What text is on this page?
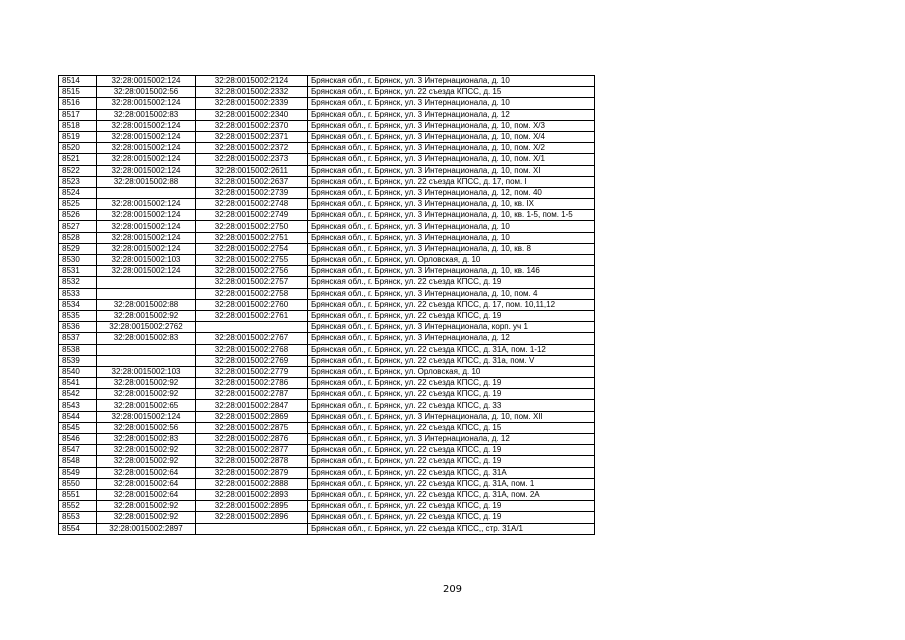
8514	32:28:0015002:124	32:28:0015002:2124	Брянская обл., г. Брянск, ул. 3 Интернационала, д. 10
8515	32:28:0015002:56	32:28:0015002:2332	Брянская обл., г. Брянск, ул. 22 съезда КПСС, д. 15
8516	32:28:0015002:124	32:28:0015002:2339	Брянская обл., г. Брянск, ул. 3 Интернационала, д. 10
8517	32:28:0015002:83	32:28:0015002:2340	Брянская обл., г. Брянск, ул. 3 Интернационала, д. 12
8518	32:28:0015002:124	32:28:0015002:2370	Брянская обл., г. Брянск, ул. 3 Интернационала, д. 10, пом. Х/3
8519	32:28:0015002:124	32:28:0015002:2371	Брянская обл., г. Брянск, ул. 3 Интернационала, д. 10, пом. Х/4
8520	32:28:0015002:124	32:28:0015002:2372	Брянская обл., г. Брянск, ул. 3 Интернационала, д. 10, пом. Х/2
8521	32:28:0015002:124	32:28:0015002:2373	Брянская обл., г. Брянск, ул. 3 Интернационала, д. 10, пом. Х/1
8522	32:28:0015002:124	32:28:0015002:2611	Брянская обл., г. Брянск, ул. 3 Интернационала, д. 10, пом. XI
8523	32:28:0015002:88	32:28:0015002:2637	Брянская обл., г. Брянск, ул. 22 съезда КПСС, д. 17, пом. I
8524		32:28:0015002:2739	Брянская обл., г. Брянск, ул. 3 Интернационала, д. 12, пом. 40
8525	32:28:0015002:124	32:28:0015002:2748	Брянская обл., г. Брянск, ул. 3 Интернационала, д. 10, кв. IX
8526	32:28:0015002:124	32:28:0015002:2749	Брянская обл., г. Брянск, ул. 3 Интернационала, д. 10, кв. 1-5, пом. 1-5
8527	32:28:0015002:124	32:28:0015002:2750	Брянская обл., г. Брянск, ул. 3 Интернационала, д. 10
8528	32:28:0015002:124	32:28:0015002:2751	Брянская обл., г. Брянск, ул. 3 Интернационала, д. 10
8529	32:28:0015002:124	32:28:0015002:2754	Брянская обл., г. Брянск, ул. 3 Интернационала, д. 10, кв. 8
8530	32:28:0015002:103	32:28:0015002:2755	Брянская обл., г. Брянск, ул. Орловская, д. 10
8531	32:28:0015002:124	32:28:0015002:2756	Брянская обл., г. Брянск, ул. 3 Интернационала, д. 10, кв. 146
8532		32:28:0015002:2757	Брянская обл., г. Брянск, ул. 22 съезда КПСС, д. 19
8533		32:28:0015002:2758	Брянская обл., г. Брянск, ул. 3 Интернационала, д. 10, пом. 4
8534	32:28:0015002:88	32:28:0015002:2760	Брянская обл., г. Брянск, ул. 22 съезда КПСС, д. 17, пом. 10,11,12
8535	32:28:0015002:92	32:28:0015002:2761	Брянская обл., г. Брянск, ул. 22 съезда КПСС, д. 19
8536	32:28:0015002:2762		Брянская обл., г. Брянск, ул. 3 Интернационала, корп. уч 1
8537	32:28:0015002:83	32:28:0015002:2767	Брянская обл., г. Брянск, ул. 3 Интернационала, д. 12
8538		32:28:0015002:2768	Брянская обл., г. Брянск, ул. 22 съезда КПСС, д. 31А, пом. 1-12
8539		32:28:0015002:2769	Брянская обл., г. Брянск, ул. 22 съезда КПСС, д. 31а, пом. V
8540	32:28:0015002:103	32:28:0015002:2779	Брянская обл., г. Брянск, ул. Орловская, д. 10
8541	32:28:0015002:92	32:28:0015002:2786	Брянская обл., г. Брянск, ул. 22 съезда КПСС, д. 19
8542	32:28:0015002:92	32:28:0015002:2787	Брянская обл., г. Брянск, ул. 22 съезда КПСС, д. 19
8543	32:28:0015002:65	32:28:0015002:2847	Брянская обл., г. Брянск, ул. 22 съезда КПСС, д. 33
8544	32:28:0015002:124	32:28:0015002:2869	Брянская обл., г. Брянск, ул. 3 Интернационала, д. 10, пом. XII
8545	32:28:0015002:56	32:28:0015002:2875	Брянская обл., г. Брянск, ул. 22 съезда КПСС, д. 15
8546	32:28:0015002:83	32:28:0015002:2876	Брянская обл., г. Брянск, ул. 3 Интернационала, д. 12
8547	32:28:0015002:92	32:28:0015002:2877	Брянская обл., г. Брянск, ул. 22 съезда КПСС, д. 19
8548	32:28:0015002:92	32:28:0015002:2878	Брянская обл., г. Брянск, ул. 22 съезда КПСС, д. 19
8549	32:28:0015002:64	32:28:0015002:2879	Брянская обл., г. Брянск, ул. 22 съезда КПСС, д. 31А
8550	32:28:0015002:64	32:28:0015002:2888	Брянская обл., г. Брянск, ул. 22 съезда КПСС, д. 31А, пом. 1
8551	32:28:0015002:64	32:28:0015002:2893	Брянская обл., г. Брянск, ул. 22 съезда КПСС, д. 31А, пом. 2А
8552	32:28:0015002:92	32:28:0015002:2895	Брянская обл., г. Брянск, ул. 22 съезда КПСС, д. 19
8553	32:28:0015002:92	32:28:0015002:2896	Брянская обл., г. Брянск, ул. 22 съезда КПСС, д. 19
8554	32:28:0015002:2897		Брянская обл., г. Брянск, ул. 22 съезда КПСС,, стр. 31А/1
209
